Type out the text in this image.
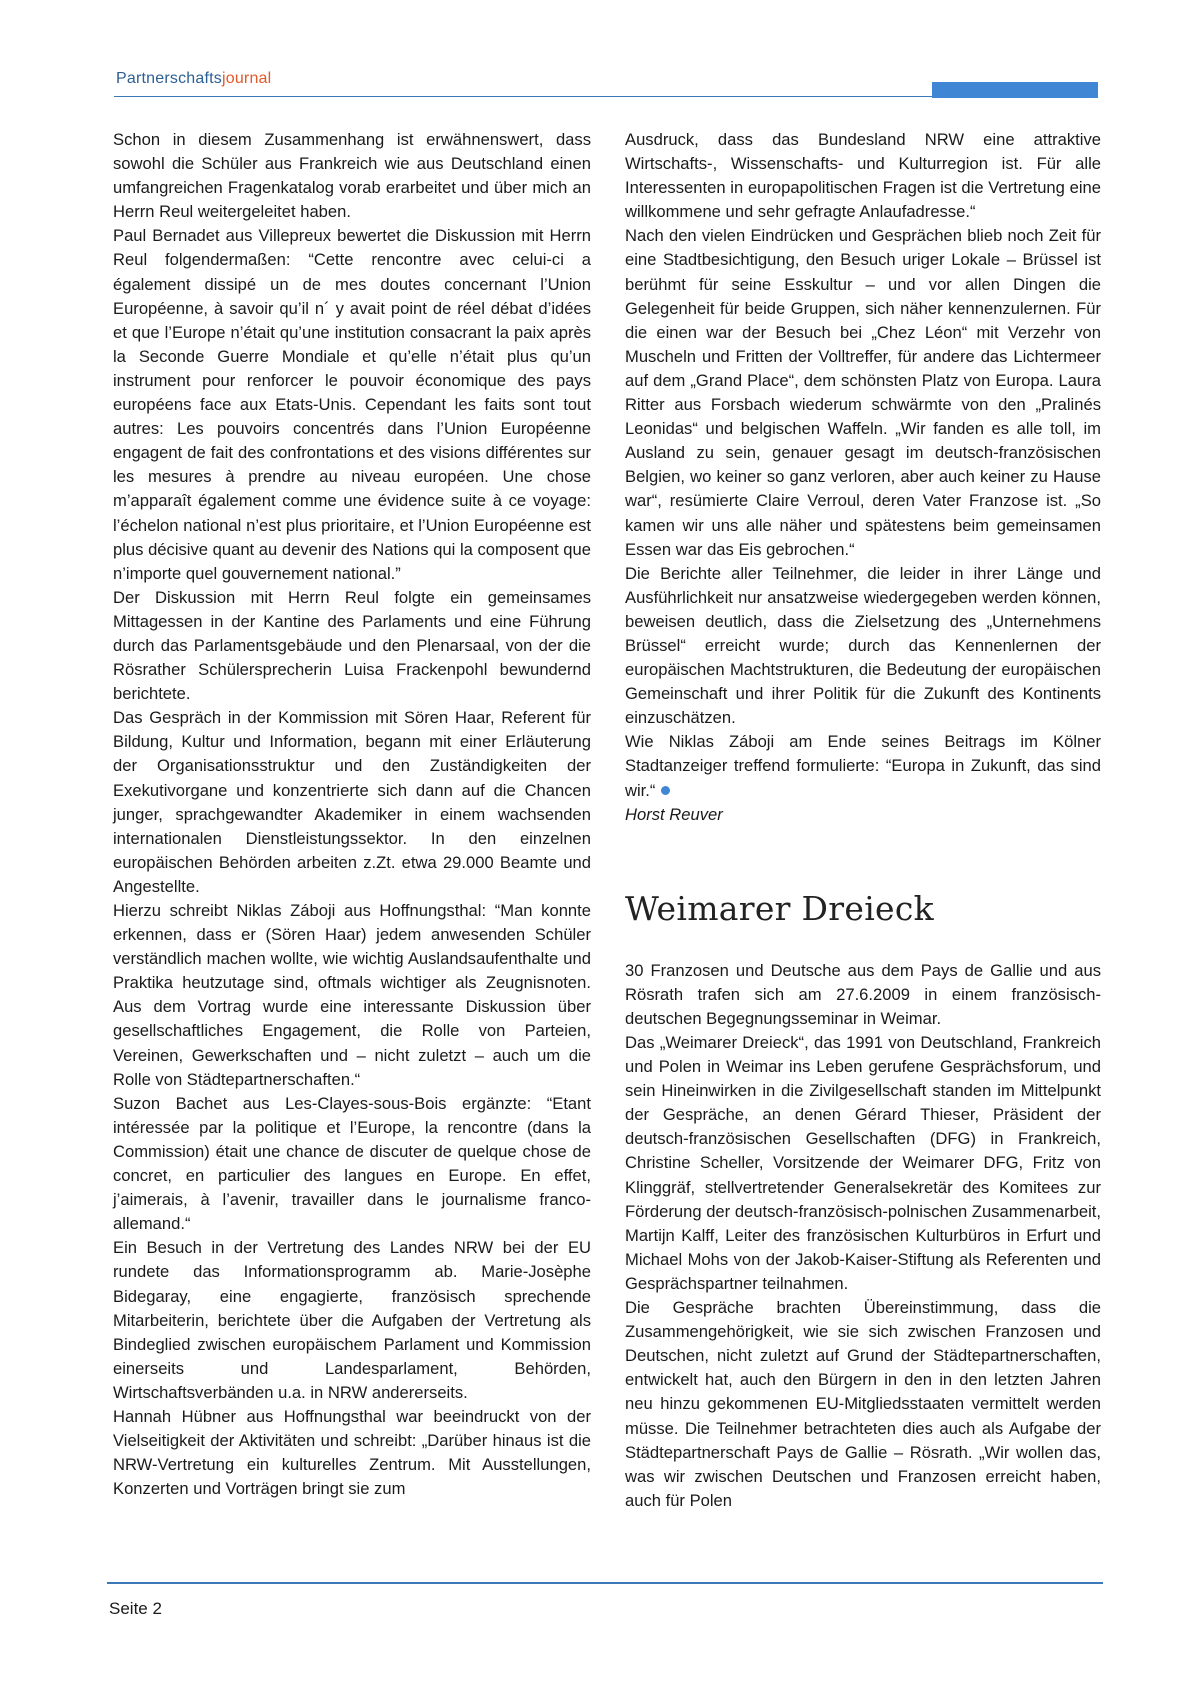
Partnerschaftsjournal

Schon in diesem Zusammenhang ist erwähnenswert, dass sowohl die Schüler aus Frankreich wie aus Deutschland einen umfangreichen Fragenkatalog vorab erarbeitet und über mich an Herrn Reul weitergeleitet haben.

Paul Bernadet aus Villepreux bewertet die Diskussion mit Herrn Reul folgendermaßen: “Cette rencontre avec celui-ci a également dissipé un de mes doutes concernant l’Union Européenne, à savoir qu’il n´ y avait point de réel débat d’idées et que l’Europe n’était qu’une institution consacrant la paix après la Seconde Guerre Mondiale et qu’elle n’était plus qu’un instrument pour renforcer le pouvoir économique des pays européens face aux Etats-Unis. Cependant les faits sont tout autres: Les pouvoirs concentrés dans l’Union Européenne engagent de fait des confrontations et des visions différentes sur les mesures à prendre au niveau européen. Une chose m’apparaît également comme une évidence suite à ce voyage: l’échelon national n’est plus prioritaire, et l’Union Européenne est plus décisive quant au devenir des Nations qui la composent que n’importe quel gouvernement national.”

Der Diskussion mit Herrn Reul folgte ein gemeinsames Mittagessen in der Kantine des Parlaments und eine Führung durch das Parlamentsgebäude und den Plenarsaal, von der die Rösrather Schülersprecherin Luisa Frackenpohl bewundernd berichtete.

Das Gespräch in der Kommission mit Sören Haar, Referent für Bildung, Kultur und Information, begann mit einer Erläuterung der Organisationsstruktur und den Zuständigkeiten der Exekutivorgane und konzentrierte sich dann auf die Chancen junger, sprachgewandter Akademiker in einem wachsenden internationalen Dienstleistungssektor. In den einzelnen europäischen Behörden arbeiten z.Zt. etwa 29.000 Beamte und Angestellte.

Hierzu schreibt Niklas Záboji aus Hoffnungsthal: “Man konnte erkennen, dass er (Sören Haar) jedem anwesenden Schüler verständlich machen wollte, wie wichtig Auslandsaufenthalte und Praktika heutzutage sind, oftmals wichtiger als Zeugnisnoten. Aus dem Vortrag wurde eine interessante Diskussion über gesellschaftliches Engagement, die Rolle von Parteien, Vereinen, Gewerkschaften und – nicht zuletzt – auch um die Rolle von Städtepartnerschaften.“

Suzon Bachet aus Les-Clayes-sous-Bois ergänzte: “Etant intéressée par la politique et l’Europe, la rencontre (dans la Commission) était une chance de discuter de quelque chose de concret, en particulier des langues en Europe. En effet, j’aimerais, à l’avenir, travailler dans le journalisme franco-allemand.“

Ein Besuch in der Vertretung des Landes NRW bei der EU rundete das Informationsprogramm ab. Marie-Josèphe Bidegaray, eine engagierte, französisch sprechende Mitarbeiterin, berichtete über die Aufgaben der Vertretung als Bindeglied zwischen europäischem Parlament und Kommission einerseits und Landesparlament, Behörden, Wirtschaftsverbänden u.a. in NRW andererseits.

Hannah Hübner aus Hoffnungsthal war beeindruckt von der Vielseitigkeit der Aktivitäten und schreibt: „Darüber hinaus ist die NRW-Vertretung ein kulturelles Zentrum. Mit Ausstellungen, Konzerten und Vorträgen bringt sie zum

Ausdruck, dass das Bundesland NRW eine attraktive Wirtschafts-, Wissenschafts- und Kulturregion ist. Für alle Interessenten in europapolitischen Fragen ist die Vertretung eine willkommene und sehr gefragte Anlaufadresse.“

Nach den vielen Eindrücken und Gesprächen blieb noch Zeit für eine Stadtbesichtigung, den Besuch uriger Lokale – Brüssel ist berühmt für seine Esskultur – und vor allen Dingen die Gelegenheit für beide Gruppen, sich näher kennenzulernen. Für die einen war der Besuch bei „Chez Léon“ mit Verzehr von Muscheln und Fritten der Volltreffer, für andere das Lichtermeer auf dem „Grand Place“, dem schönsten Platz von Europa. Laura Ritter aus Forsbach wiederum schwärmte von den „Pralinés Leonidas“ und belgischen Waffeln. „Wir fanden es alle toll, im Ausland zu sein, genauer gesagt im deutsch-französischen Belgien, wo keiner so ganz verloren, aber auch keiner zu Hause war“, resümierte Claire Verroul, deren Vater Franzose ist. „So kamen wir uns alle näher und spätestens beim gemeinsamen Essen war das Eis gebrochen.“

Die Berichte aller Teilnehmer, die leider in ihrer Länge und Ausführlichkeit nur ansatzweise wiedergegeben werden können, beweisen deutlich, dass die Zielsetzung des „Unternehmens Brüssel“ erreicht wurde; durch das Kennenlernen der europäischen Machtstrukturen, die Bedeutung der europäischen Gemeinschaft und ihrer Politik für die Zukunft des Kontinents einzuschätzen.

Wie Niklas Záboji am Ende seines Beitrags im Kölner Stadtanzeiger treffend formulierte: “Europa in Zukunft, das sind wir.“

Horst Reuver

Weimarer Dreieck

30 Franzosen und Deutsche aus dem Pays de Gallie und aus Rösrath trafen sich am 27.6.2009 in einem französisch-deutschen Begegnungsseminar in Weimar.

Das „Weimarer Dreieck“, das 1991 von Deutschland, Frankreich und Polen in Weimar ins Leben gerufene Gesprächsforum, und sein Hineinwirken in die Zivilgesellschaft standen im Mittelpunkt der Gespräche, an denen Gérard Thieser, Präsident der deutsch-französischen Gesellschaften (DFG) in Frankreich, Christine Scheller, Vorsitzende der Weimarer DFG, Fritz von Klinggräf, stellvertretender Generalsekretär des Komitees zur Förderung der deutsch-französisch-polnischen Zusammenarbeit, Martijn Kalff, Leiter des französischen Kulturbüros in Erfurt und Michael Mohs von der Jakob-Kaiser-Stiftung als Referenten und Gesprächspartner teilnahmen.

Die Gespräche brachten Übereinstimmung, dass die Zusammengehörigkeit, wie sie sich zwischen Franzosen und Deutschen, nicht zuletzt auf Grund der Städtepartnerschaften, entwickelt hat, auch den Bürgern in den in den letzten Jahren neu hinzu gekommenen EU-Mitgliedsstaaten vermittelt werden müsse. Die Teilnehmer betrachteten dies auch als Aufgabe der Städtepartnerschaft Pays de Gallie – Rösrath. „Wir wollen das, was wir zwischen Deutschen und Franzosen erreicht haben, auch für Polen

Seite 2
